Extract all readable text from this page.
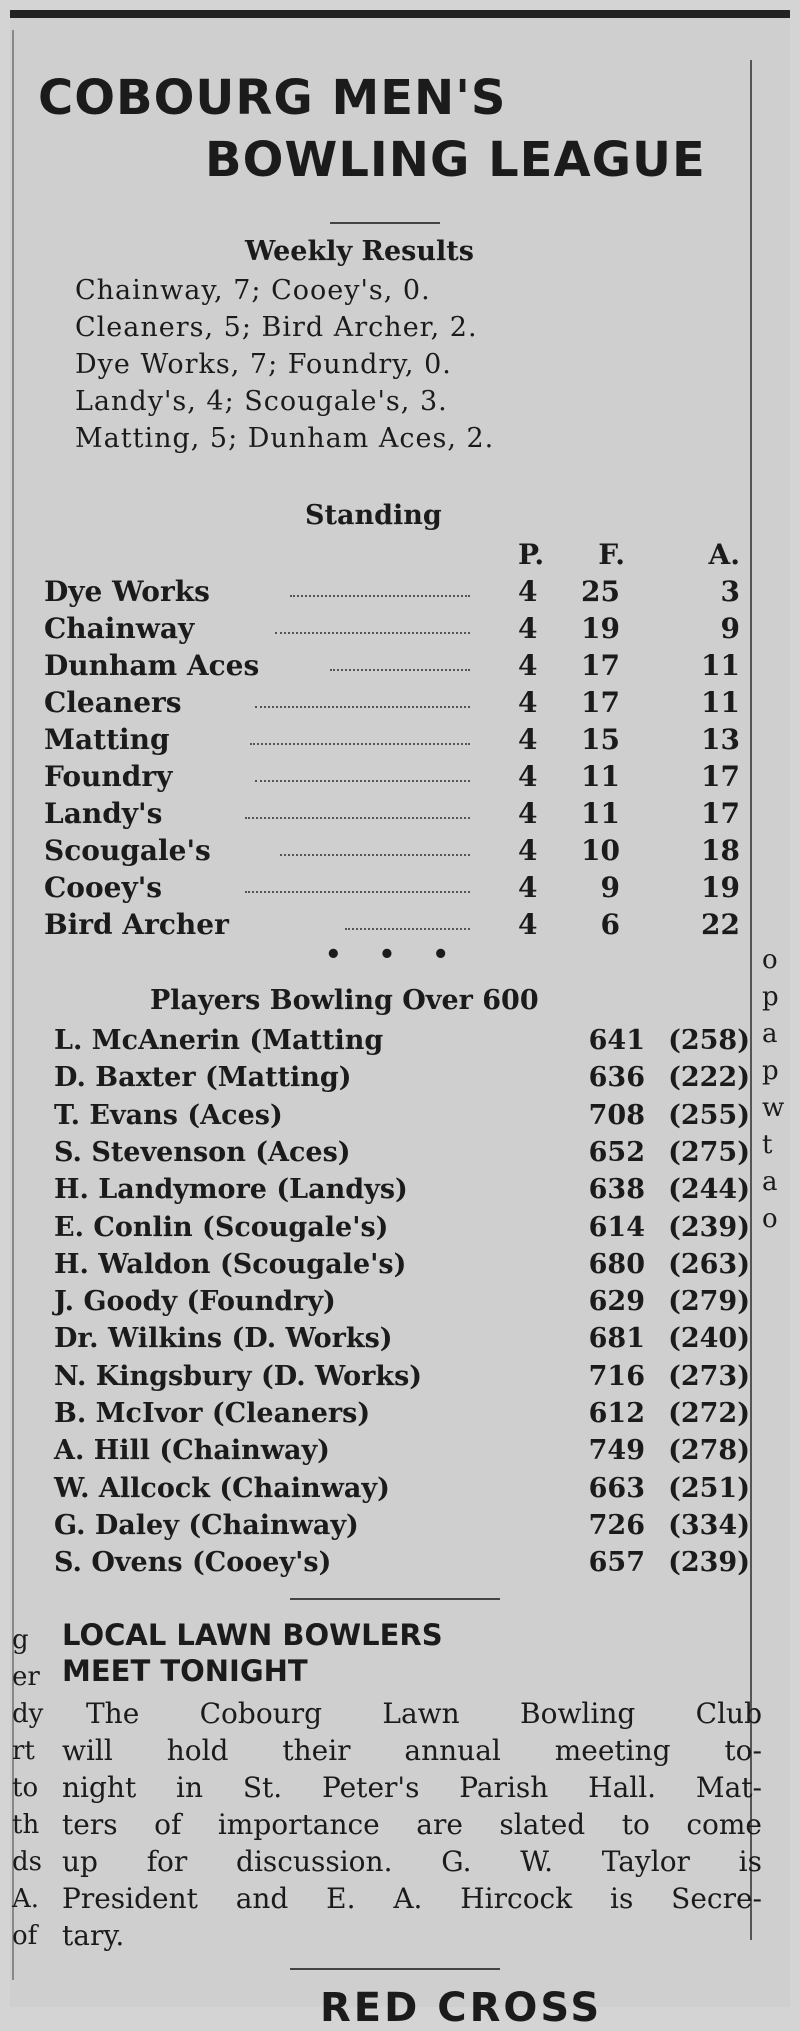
COBOURG MEN'S
BOWLING LEAGUE
Weekly Results
Chainway, 7; Cooey's, 0.
Cleaners, 5; Bird Archer, 2.
Dye Works, 7; Foundry, 0.
Landy's, 4; Scougale's, 3.
Matting, 5; Dunham Aces, 2.
Standing
P. F.	A.
Dye Works	4 25	3
Chainway	4 19	9
Dunham Aces	4 17	11
Cleaners	4 17	11
Matting	4 15	13
Foundry	4 11	17
Landy's	4 11	17
Scougale's	4 10	18
Cooey's	4 9	19
Bird Archer	4 6	22
• • •
Players Bowling Over 600
L. McAnerin (Matting	641 (258)
D. Baxter (Matting)	636 (222)
T. Evans (Aces)	708 (255)
S. Stevenson (Aces)	652 (275)
H. Landymore (Landys)	638 (244)
E. Conlin (Scougale's)	614 (239)
H. Waldon (Scougale's)	680 (263)
J. Goody (Foundry)	629 (279)
Dr. Wilkins (D. Works)	681 (240)
N. Kingsbury (D. Works)	716 (273)
B. McIvor (Cleaners)	612 (272)
A. Hill (Chainway)	749 (278)
W. Allcock (Chainway)	663 (251)
G. Daley (Chainway)	726 (334)
S. Ovens (Cooey's)	657 (239)
LOCAL LAWN BOWLERS
MEET TONIGHT
The Cobourg Lawn Bowling Club
will hold their annual meeting to-
night in St. Peter's Parish Hall. Mat-
ters of importance are slated to come
up for discussion. G. W. Taylor is
President and E. A. Hircock is Secre-
tary.
RED CROSS
g
er
dy
rt
to
th
ds
A.
of
o
p
a
p
w
t
a
o
